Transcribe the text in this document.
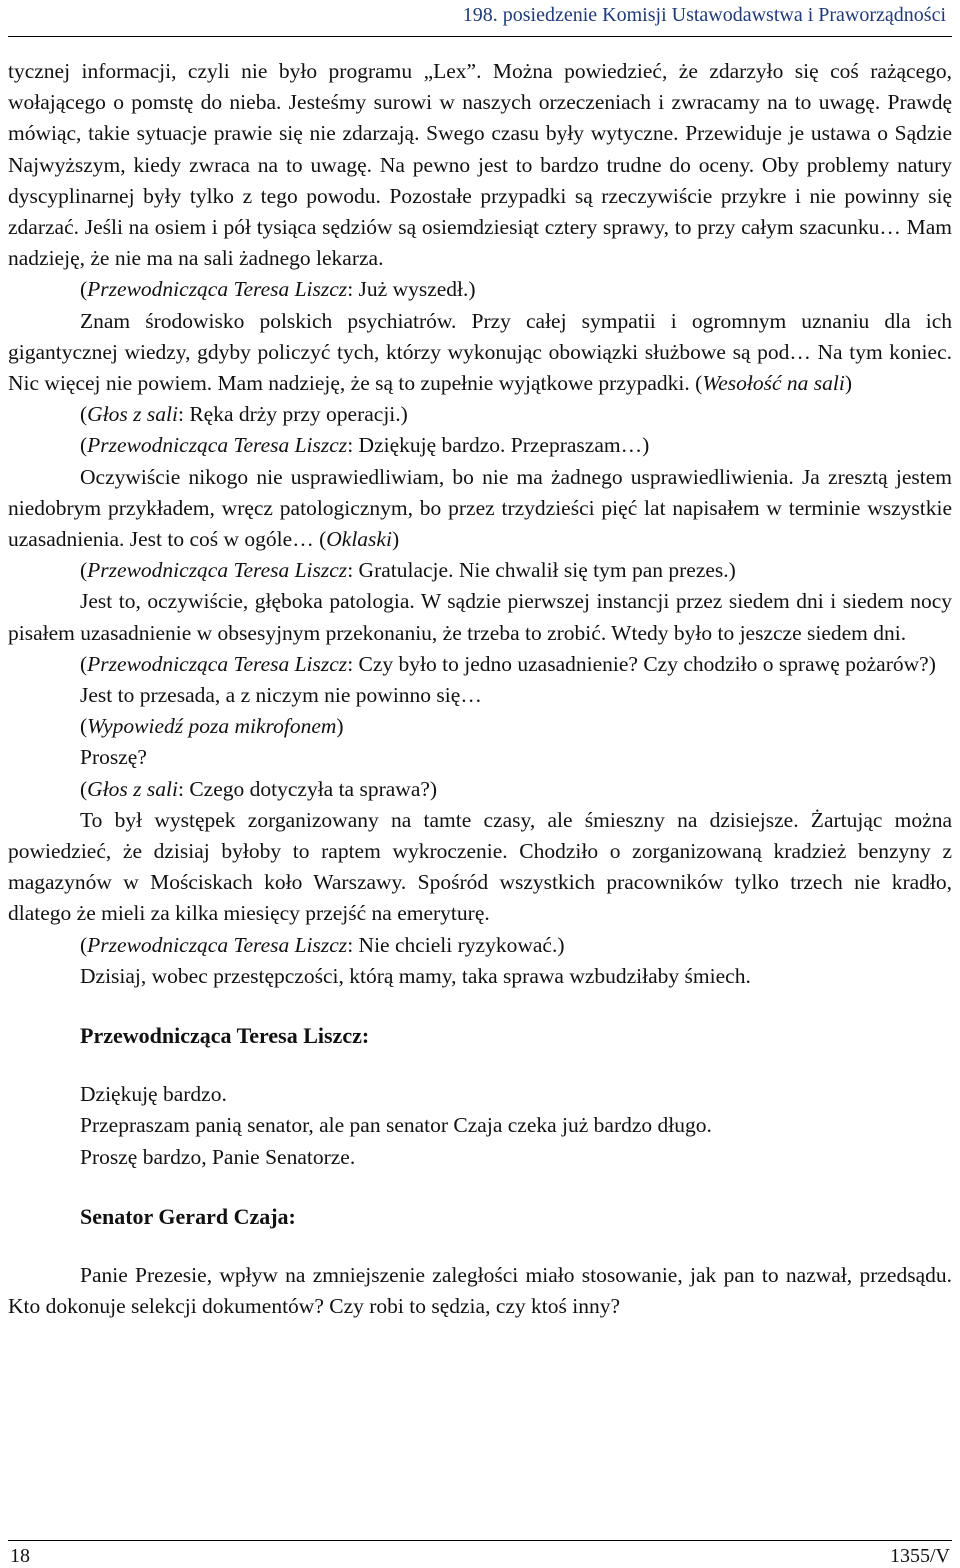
198. posiedzenie Komisji Ustawodawstwa i Praworządności

tycznej informacji, czyli nie było programu „Lex”. Można powiedzieć, że zdarzyło się coś rażącego, wołającego o pomstę do nieba. Jesteśmy surowi w naszych orzeczeniach i zwracamy na to uwagę. Prawdę mówiąc, takie sytuacje prawie się nie zdarzają. Swego czasu były wytyczne. Przewiduje je ustawa o Sądzie Najwyższym, kiedy zwraca na to uwagę. Na pewno jest to bardzo trudne do oceny. Oby problemy natury dyscyplinarnej były tylko z tego powodu. Pozostałe przypadki są rzeczywiście przykre i nie powinny się zdarzać. Jeśli na osiem i pół tysiąca sędziów są osiemdziesiąt cztery sprawy, to przy całym szacunku… Mam nadzieję, że nie ma na sali żadnego lekarza.

(Przewodnicząca Teresa Liszcz: Już wyszedł.)

Znam środowisko polskich psychiatrów. Przy całej sympatii i ogromnym uznaniu dla ich gigantycznej wiedzy, gdyby policzyć tych, którzy wykonując obowiązki służbowe są pod… Na tym koniec. Nic więcej nie powiem. Mam nadzieję, że są to zupełnie wyjątkowe przypadki. (Wesołość na sali)

(Głos z sali: Ręka drży przy operacji.)

(Przewodnicząca Teresa Liszcz: Dziękuję bardzo. Przepraszam…)

Oczywiście nikogo nie usprawiedliwiam, bo nie ma żadnego usprawiedliwienia. Ja zresztą jestem niedobrym przykładem, wręcz patologicznym, bo przez trzydzieści pięć lat napisałem w terminie wszystkie uzasadnienia. Jest to coś w ogóle… (Oklaski)

(Przewodnicząca Teresa Liszcz: Gratulacje. Nie chwalił się tym pan prezes.)

Jest to, oczywiście, głęboka patologia. W sądzie pierwszej instancji przez siedem dni i siedem nocy pisałem uzasadnienie w obsesyjnym przekonaniu, że trzeba to zrobić. Wtedy było to jeszcze siedem dni.

(Przewodnicząca Teresa Liszcz: Czy było to jedno uzasadnienie? Czy chodziło o sprawę pożarów?)

Jest to przesada, a z niczym nie powinno się…

(Wypowiedź poza mikrofonem)

Proszę?

(Głos z sali: Czego dotyczyła ta sprawa?)

To był występek zorganizowany na tamte czasy, ale śmieszny na dzisiejsze. Żartując można powiedzieć, że dzisiaj byłoby to raptem wykroczenie. Chodziło o zorganizowaną kradzież benzyny z magazynów w Mościskach koło Warszawy. Spośród wszystkich pracowników tylko trzech nie kradło, dlatego że mieli za kilka miesięcy przejść na emeryturę.

(Przewodnicząca Teresa Liszcz: Nie chcieli ryzykować.)

Dzisiaj, wobec przestępczości, którą mamy, taka sprawa wzbudziłaby śmiech.

Przewodnicząca Teresa Liszcz:

Dziękuję bardzo.

Przepraszam panią senator, ale pan senator Czaja czeka już bardzo długo.

Proszę bardzo, Panie Senatorze.

Senator Gerard Czaja:

Panie Prezesie, wpływ na zmniejszenie zaległości miało stosowanie, jak pan to nazwał, przedsądu. Kto dokonuje selekcji dokumentów? Czy robi to sędzia, czy ktoś inny?

18	1355/V
